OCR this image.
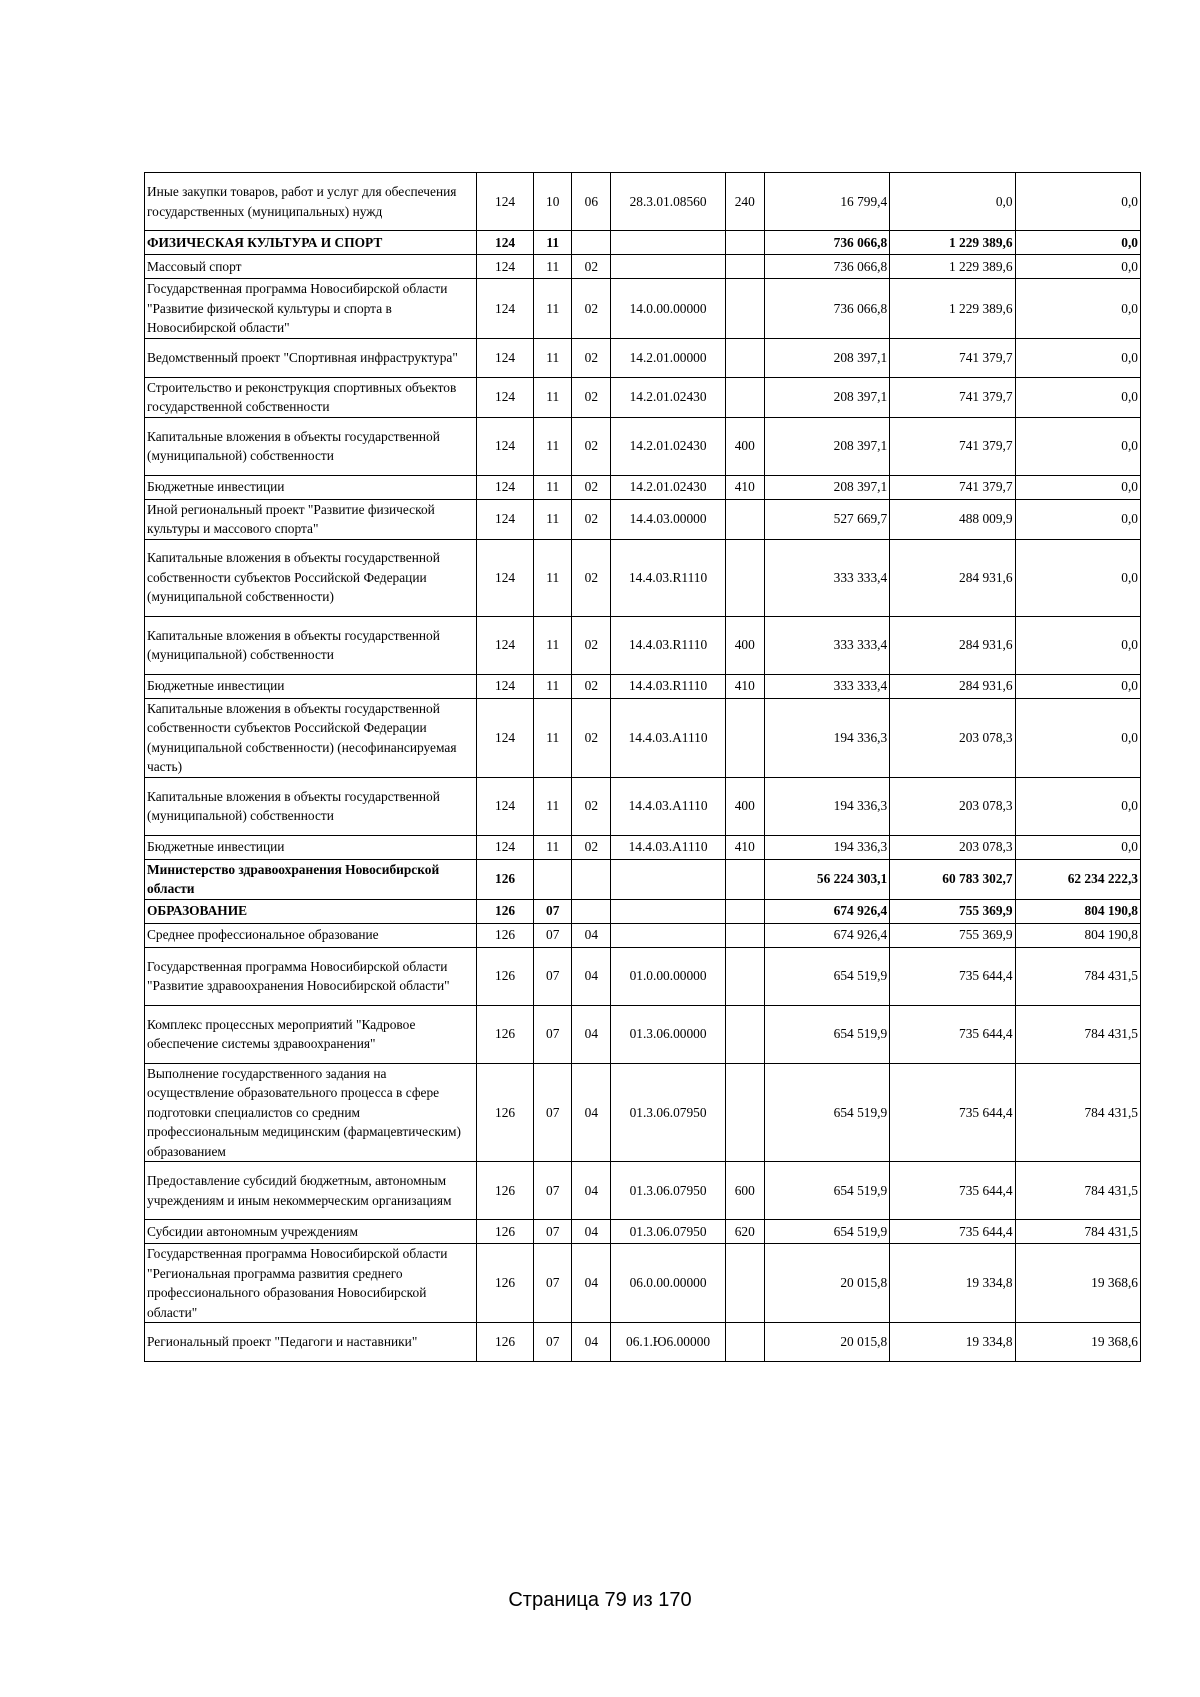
Иные закупки товаров, работ и услуг для обеспечения государственных (муниципальных) нужд	124	10	06	28.3.01.08560	240	16 799,4	0,0	0,0
ФИЗИЧЕСКАЯ КУЛЬТУРА И СПОРТ	124	11				736 066,8	1 229 389,6	0,0
Массовый спорт	124	11	02			736 066,8	1 229 389,6	0,0
Государственная программа Новосибирской области "Развитие физической культуры и спорта в Новосибирской области"	124	11	02	14.0.00.00000		736 066,8	1 229 389,6	0,0
Ведомственный проект "Спортивная инфраструктура"	124	11	02	14.2.01.00000		208 397,1	741 379,7	0,0
Строительство и реконструкция спортивных объектов государственной собственности	124	11	02	14.2.01.02430		208 397,1	741 379,7	0,0
Капитальные вложения в объекты государственной (муниципальной) собственности	124	11	02	14.2.01.02430	400	208 397,1	741 379,7	0,0
Бюджетные инвестиции	124	11	02	14.2.01.02430	410	208 397,1	741 379,7	0,0
Иной региональный проект "Развитие физической культуры и массового спорта"	124	11	02	14.4.03.00000		527 669,7	488 009,9	0,0
Капитальные вложения в объекты государственной собственности субъектов Российской Федерации (муниципальной собственности)	124	11	02	14.4.03.R1110		333 333,4	284 931,6	0,0
Капитальные вложения в объекты государственной (муниципальной) собственности	124	11	02	14.4.03.R1110	400	333 333,4	284 931,6	0,0
Бюджетные инвестиции	124	11	02	14.4.03.R1110	410	333 333,4	284 931,6	0,0
Капитальные вложения в объекты государственной собственности субъектов Российской Федерации (муниципальной собственности) (несофинансируемая часть)	124	11	02	14.4.03.A1110		194 336,3	203 078,3	0,0
Капитальные вложения в объекты государственной (муниципальной) собственности	124	11	02	14.4.03.A1110	400	194 336,3	203 078,3	0,0
Бюджетные инвестиции	124	11	02	14.4.03.A1110	410	194 336,3	203 078,3	0,0
Министерство здравоохранения Новосибирской области	126					56 224 303,1	60 783 302,7	62 234 222,3
ОБРАЗОВАНИЕ	126	07				674 926,4	755 369,9	804 190,8
Среднее профессиональное образование	126	07	04			674 926,4	755 369,9	804 190,8
Государственная программа Новосибирской области "Развитие здравоохранения Новосибирской области"	126	07	04	01.0.00.00000		654 519,9	735 644,4	784 431,5
Комплекс процессных мероприятий "Кадровое обеспечение системы здравоохранения"	126	07	04	01.3.06.00000		654 519,9	735 644,4	784 431,5
Выполнение государственного задания на осуществление образовательного процесса в сфере подготовки специалистов со средним профессиональным медицинским (фармацевтическим) образованием	126	07	04	01.3.06.07950		654 519,9	735 644,4	784 431,5
Предоставление субсидий бюджетным, автономным учреждениям и иным некоммерческим организациям	126	07	04	01.3.06.07950	600	654 519,9	735 644,4	784 431,5
Субсидии автономным учреждениям	126	07	04	01.3.06.07950	620	654 519,9	735 644,4	784 431,5
Государственная программа Новосибирской области "Региональная программа развития среднего профессионального образования Новосибирской области"	126	07	04	06.0.00.00000		20 015,8	19 334,8	19 368,6
Региональный проект "Педагоги и наставники"	126	07	04	06.1.Ю6.00000		20 015,8	19 334,8	19 368,6
Страница 79 из 170
